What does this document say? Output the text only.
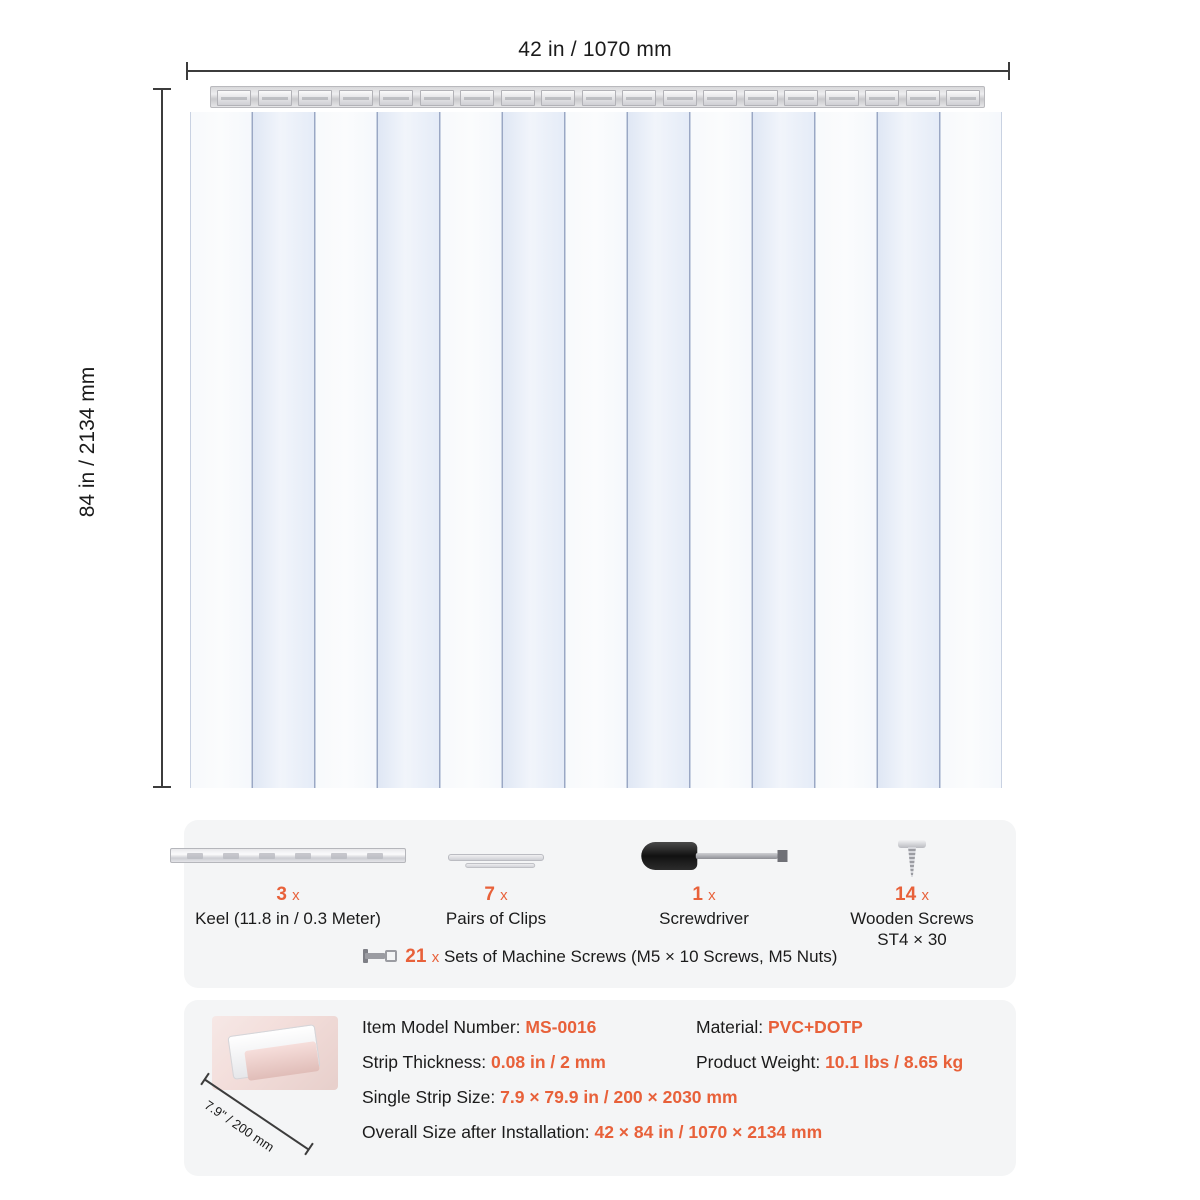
42 in / 1070 mm
84 in / 2134 mm
3 x
Keel (11.8 in / 0.3 Meter)
7 x
Pairs of Clips
1 x
Screwdriver
14 x
Wooden Screws
ST4 × 30
21 x Sets of Machine Screws (M5 × 10 Screws, M5 Nuts)
7.9" / 200 mm
Item Model Number: MS-0016	Material: PVC+DOTP
Strip Thickness: 0.08 in / 2 mm	Product Weight: 10.1 lbs / 8.65 kg
Single Strip Size: 7.9 × 79.9 in / 200 × 2030 mm
Overall Size after Installation: 42 × 84 in / 1070 × 2134 mm
